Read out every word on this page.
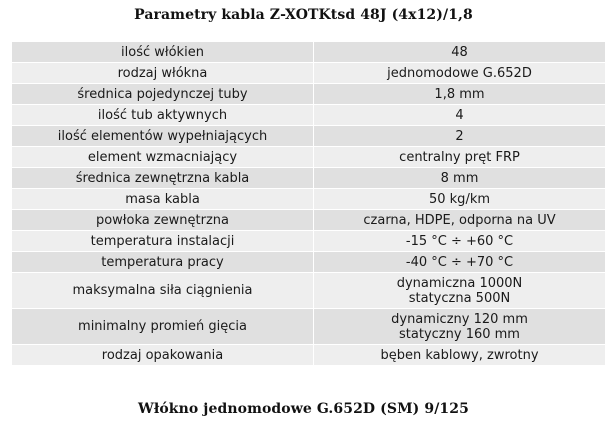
Parametry kabla Z-XOTKtsd 48J (4x12)/1,8
ilość włókien	48
rodzaj włókna	jednomodowe G.652D
średnica pojedynczej tuby	1,8 mm
ilość tub aktywnych	4
ilość elementów wypełniających	2
element wzmacniający	centralny pręt FRP
średnica zewnętrzna kabla	8 mm
masa kabla	50 kg/km
powłoka zewnętrzna	czarna, HDPE, odporna na UV
temperatura instalacji	-15 °C ÷ +60 °C
temperatura pracy	-40 °C ÷ +70 °C
maksymalna siła ciągnienia	dynamiczna 1000N
statyczna 500N

minimalny promień gięcia	dynamiczny 120 mm
statyczny 160 mm

rodzaj opakowania	bęben kablowy, zwrotny
Włókno jednomodowe G.652D (SM) 9/125
